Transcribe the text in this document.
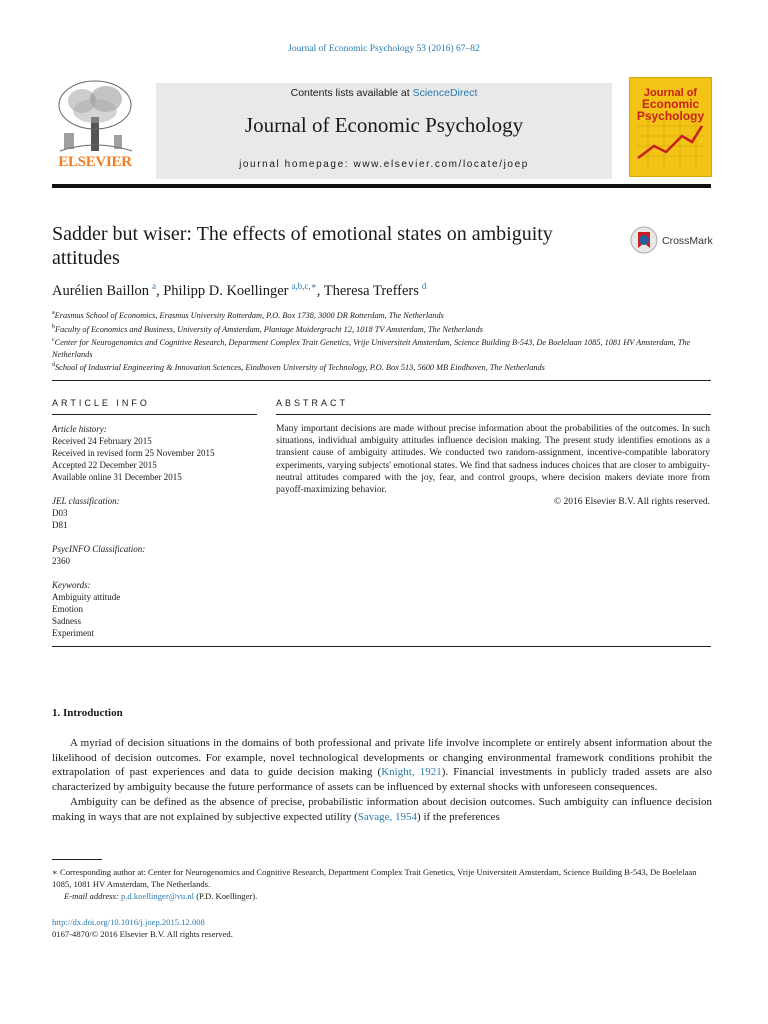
Journal of Economic Psychology 53 (2016) 67–82
ELSEVIER
Contents lists available at ScienceDirect
Journal of Economic Psychology
journal homepage: www.elsevier.com/locate/joep
Journal of
Economic Psychology
Sadder but wiser: The effects of emotional states on ambiguity attitudes
CrossMark
Aurélien Baillon  $^a$, Philipp D. Koellinger  $^{a,b,c,∗}$, Theresa Treffers  $^d$
$^a$Erasmus School of Economics, Erasmus University Rotterdam, P.O. Box 1738, 3000 DR Rotterdam, The Netherlands
$^b$Faculty of Economics and Business, University of Amsterdam, Plantage Muidergracht 12, 1018 TV Amsterdam, The Netherlands
$^c$Center for Neurogenomics and Cognitive Research, Department Complex Trait Genetics, Vrije Universiteit Amsterdam, Science Building B-543, De Boelelaan 1085, 1081 HV Amsterdam, The Netherlands
$^d$School of Industrial Engineering & Innovation Sciences, Eindhoven University of Technology, P.O. Box 513, 5600 MB Eindhoven, The Netherlands
ARTICLE INFO	ABSTRACT
Article history:
Received 24 February 2015
Received in revised form 25 November 2015
Accepted 22 December 2015
Available online 31 December 2015
JEL classification:
D03
D81
PsycINFO Classification:
2360
Keywords:
Ambiguity attitude
Emotion
Sadness
Experiment
Many important decisions are made without precise information about the probabilities of the outcomes. In such situations, individual ambiguity attitudes influence decision making. The present study identifies emotions as a transient cause of ambiguity attitudes. We conducted two random-assignment, incentive-compatible laboratory experiments, varying subjects' emotional states. We find that sadness induces choices that are closer to ambiguity-neutral attitudes compared with the joy, fear, and control groups, where decision makers deviate more from payoff-maximizing behavior.
© 2016 Elsevier B.V. All rights reserved.
1. Introduction

A myriad of decision situations in the domains of both professional and private life involve incomplete or entirely absent information about the likelihood of decision outcomes. For example, novel technological developments or changing environmental framework conditions prohibit the extrapolation of past experiences and data to guide decision making (Knight, 1921). Financial investments in publicly traded assets are also characterized by ambiguity because the future performance of assets can be influenced by external shocks with unforeseen consequences.

Ambiguity can be defined as the absence of precise, probabilistic information about decision outcomes. Such ambiguity can influence decision making in ways that are not explained by subjective expected utility (Savage, 1954) if the preferences

∗ Corresponding author at: Center for Neurogenomics and Cognitive Research, Department Complex Trait Genetics, Vrije Universiteit Amsterdam, Science Building B-543, De Boelelaan 1085, 1081 HV Amsterdam, The Netherlands.

E-mail address: p.d.koellinger@vu.nl (P.D. Koellinger).

http://dx.doi.org/10.1016/j.joep.2015.12.008
0167-4870/© 2016 Elsevier B.V. All rights reserved.
